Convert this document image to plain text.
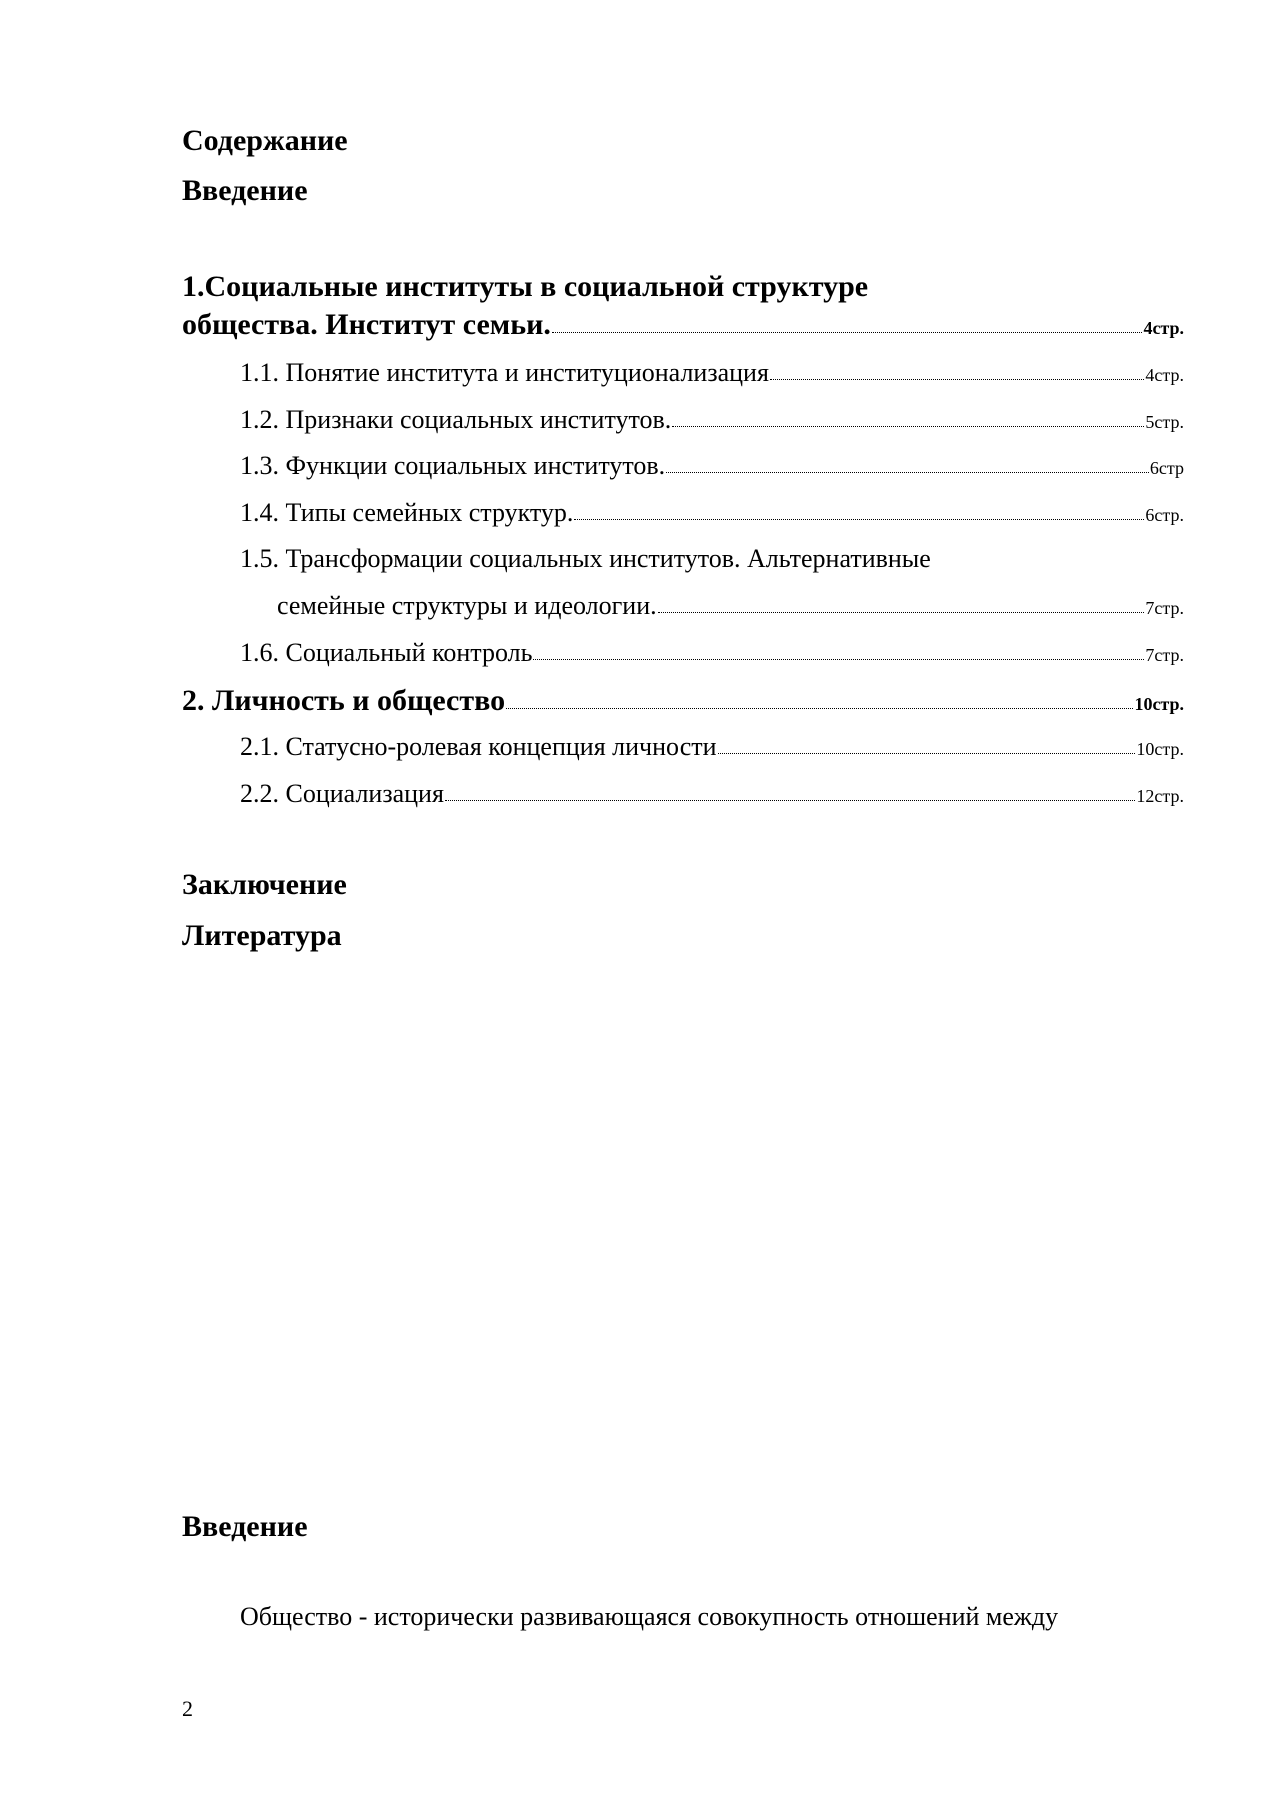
Содержание
Введение
1.Социальные институты в социальной структуре
общества. Институт семьи.	4стр.
1.1. Понятие института и институционализация	4стр.
1.2. Признаки социальных институтов.	5стр.
1.3. Функции социальных институтов.	6стр
1.4. Типы семейных структур.	6стр.
1.5. Трансформации социальных институтов. Альтернативные
семейные структуры и идеологии.	7стр.
1.6. Социальный контроль	7стр.
2. Личность и общество	10стр.
2.1. Статусно-ролевая концепция личности	10стр.
2.2. Социализация	12стр.
Заключение
Литература
Введение
Общество - исторически развивающаяся совокупность отношений между
2
